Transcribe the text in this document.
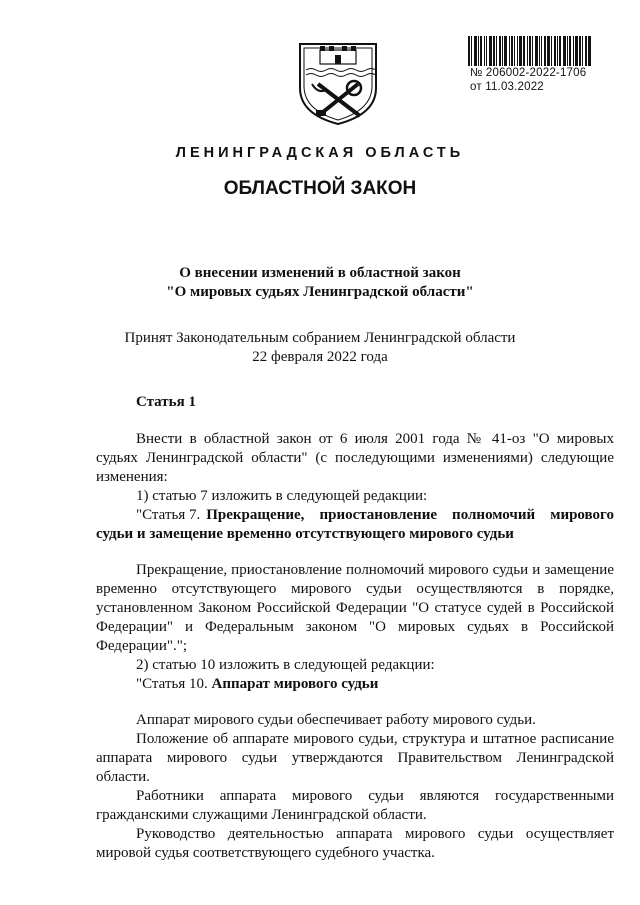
№ 206002-2022-1706
от 11.03.2022
ЛЕНИНГРАДСКАЯ ОБЛАСТЬ
ОБЛАСТНОЙ ЗАКОН
О внесении изменений в областной закон
"О мировых судьях Ленинградской области"
Принят Законодательным собранием Ленинградской области
22 февраля 2022 года
Статья 1
Внести в областной закон от 6 июля 2001 года № 41-оз "О мировых
судьях Ленинградской области" (с последующими изменениями) следующие
изменения:
1) статью 7 изложить в следующей редакции:
"Статья 7. Прекращение, приостановление полномочий мирового
судьи и замещение временно отсутствующего мирового судьи
Прекращение, приостановление полномочий мирового судьи и замещение
временно отсутствующего мирового судьи осуществляются в порядке,
установленном Законом Российской Федерации "О статусе судей в Российской
Федерации" и Федеральным законом "О мировых судьях в Российской
Федерации".";
2) статью 10 изложить в следующей редакции:
"Статья 10. Аппарат мирового судьи
Аппарат мирового судьи обеспечивает работу мирового судьи.
Положение об аппарате мирового судьи, структура и штатное расписание
аппарата мирового судьи утверждаются Правительством Ленинградской
области.
Работники аппарата мирового судьи являются государственными
гражданскими служащими Ленинградской области.
Руководство деятельностью аппарата мирового судьи осуществляет
мировой судья соответствующего судебного участка.
